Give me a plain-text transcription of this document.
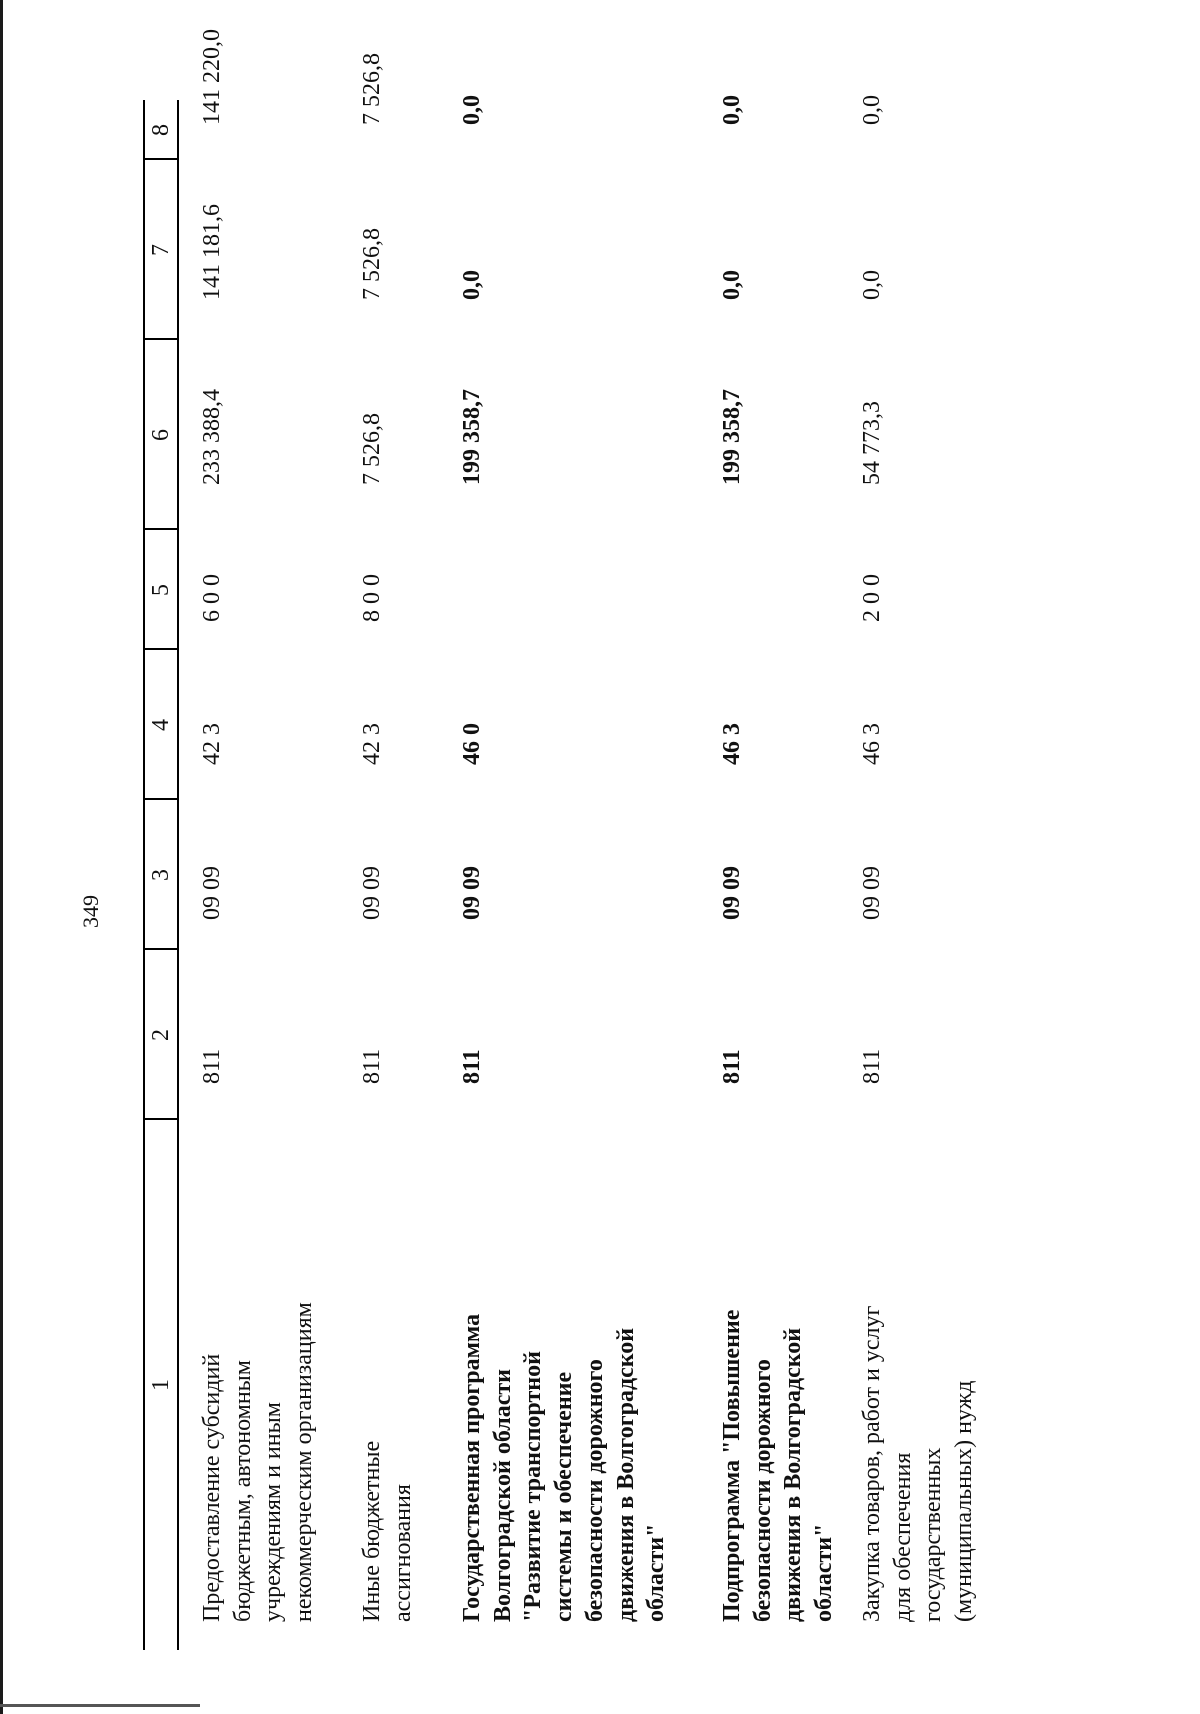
349
1
2
3
4
5
6
7
8
Предоставление субсидий бюджетным, автономным учреждениям и иным некоммерческим организациям
811
09 09
42 3
6 0 0
233 388,4
141 181,6
141 220,0
Иные бюджетные ассигнования
811
09 09
42 3
8 0 0
7 526,8
7 526,8
7 526,8
Государственная программа Волгоградской области "Развитие транспортной системы и обеспечение безопасности дорожного движения в Волгоградской области"
811
09 09
46 0
199 358,7
0,0
0,0
Подпрограмма "Повышение безопасности дорожного движения в Волгоградской области"
811
09 09
46 3
199 358,7
0,0
0,0
Закупка товаров, работ и услуг для обеспечения государственных (муниципальных) нужд
811
09 09
46 3
2 0 0
54 773,3
0,0
0,0
